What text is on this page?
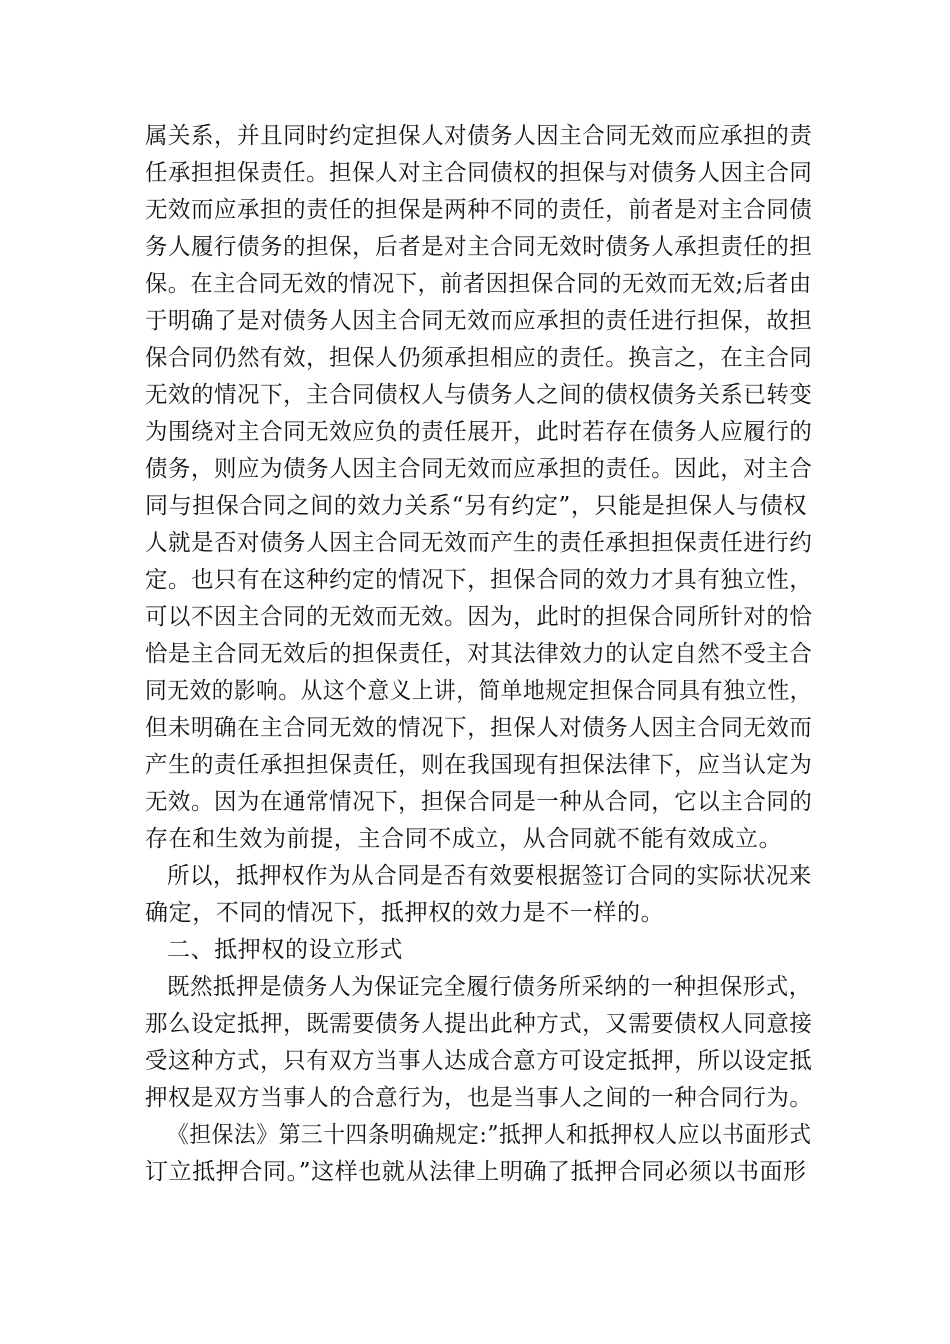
属关系，并且同时约定担保人对债务人因主合同无效而应承担的责
任承担担保责任。担保人对主合同债权的担保与对债务人因主合同
无效而应承担的责任的担保是两种不同的责任，前者是对主合同债
务人履行债务的担保，后者是对主合同无效时债务人承担责任的担
保。在主合同无效的情况下，前者因担保合同的无效而无效;后者由
于明确了是对债务人因主合同无效而应承担的责任进行担保，故担
保合同仍然有效，担保人仍须承担相应的责任。换言之，在主合同
无效的情况下，主合同债权人与债务人之间的债权债务关系已转变
为围绕对主合同无效应负的责任展开，此时若存在债务人应履行的
债务，则应为债务人因主合同无效而应承担的责任。因此，对主合
同与担保合同之间的效力关系“另有约定”，只能是担保人与债权
人就是否对债务人因主合同无效而产生的责任承担担保责任进行约
定。也只有在这种约定的情况下，担保合同的效力才具有独立性，
可以不因主合同的无效而无效。因为，此时的担保合同所针对的恰
恰是主合同无效后的担保责任，对其法律效力的认定自然不受主合
同无效的影响。从这个意义上讲，简单地规定担保合同具有独立性，
但未明确在主合同无效的情况下，担保人对债务人因主合同无效而
产生的责任承担担保责任，则在我国现有担保法律下，应当认定为
无效。因为在通常情况下，担保合同是一种从合同，它以主合同的
存在和生效为前提，主合同不成立，从合同就不能有效成立。
所以，抵押权作为从合同是否有效要根据签订合同的实际状况来
确定，不同的情况下，抵押权的效力是不一样的。
二、抵押权的设立形式
既然抵押是债务人为保证完全履行债务所采纳的一种担保形式，
那么设定抵押，既需要债务人提出此种方式，又需要债权人同意接
受这种方式，只有双方当事人达成合意方可设定抵押，所以设定抵
押权是双方当事人的合意行为，也是当事人之间的一种合同行为。
《担保法》第三十四条明确规定:”抵押人和抵押权人应以书面形式
订立抵押合同。”这样也就从法律上明确了抵押合同必须以书面形
